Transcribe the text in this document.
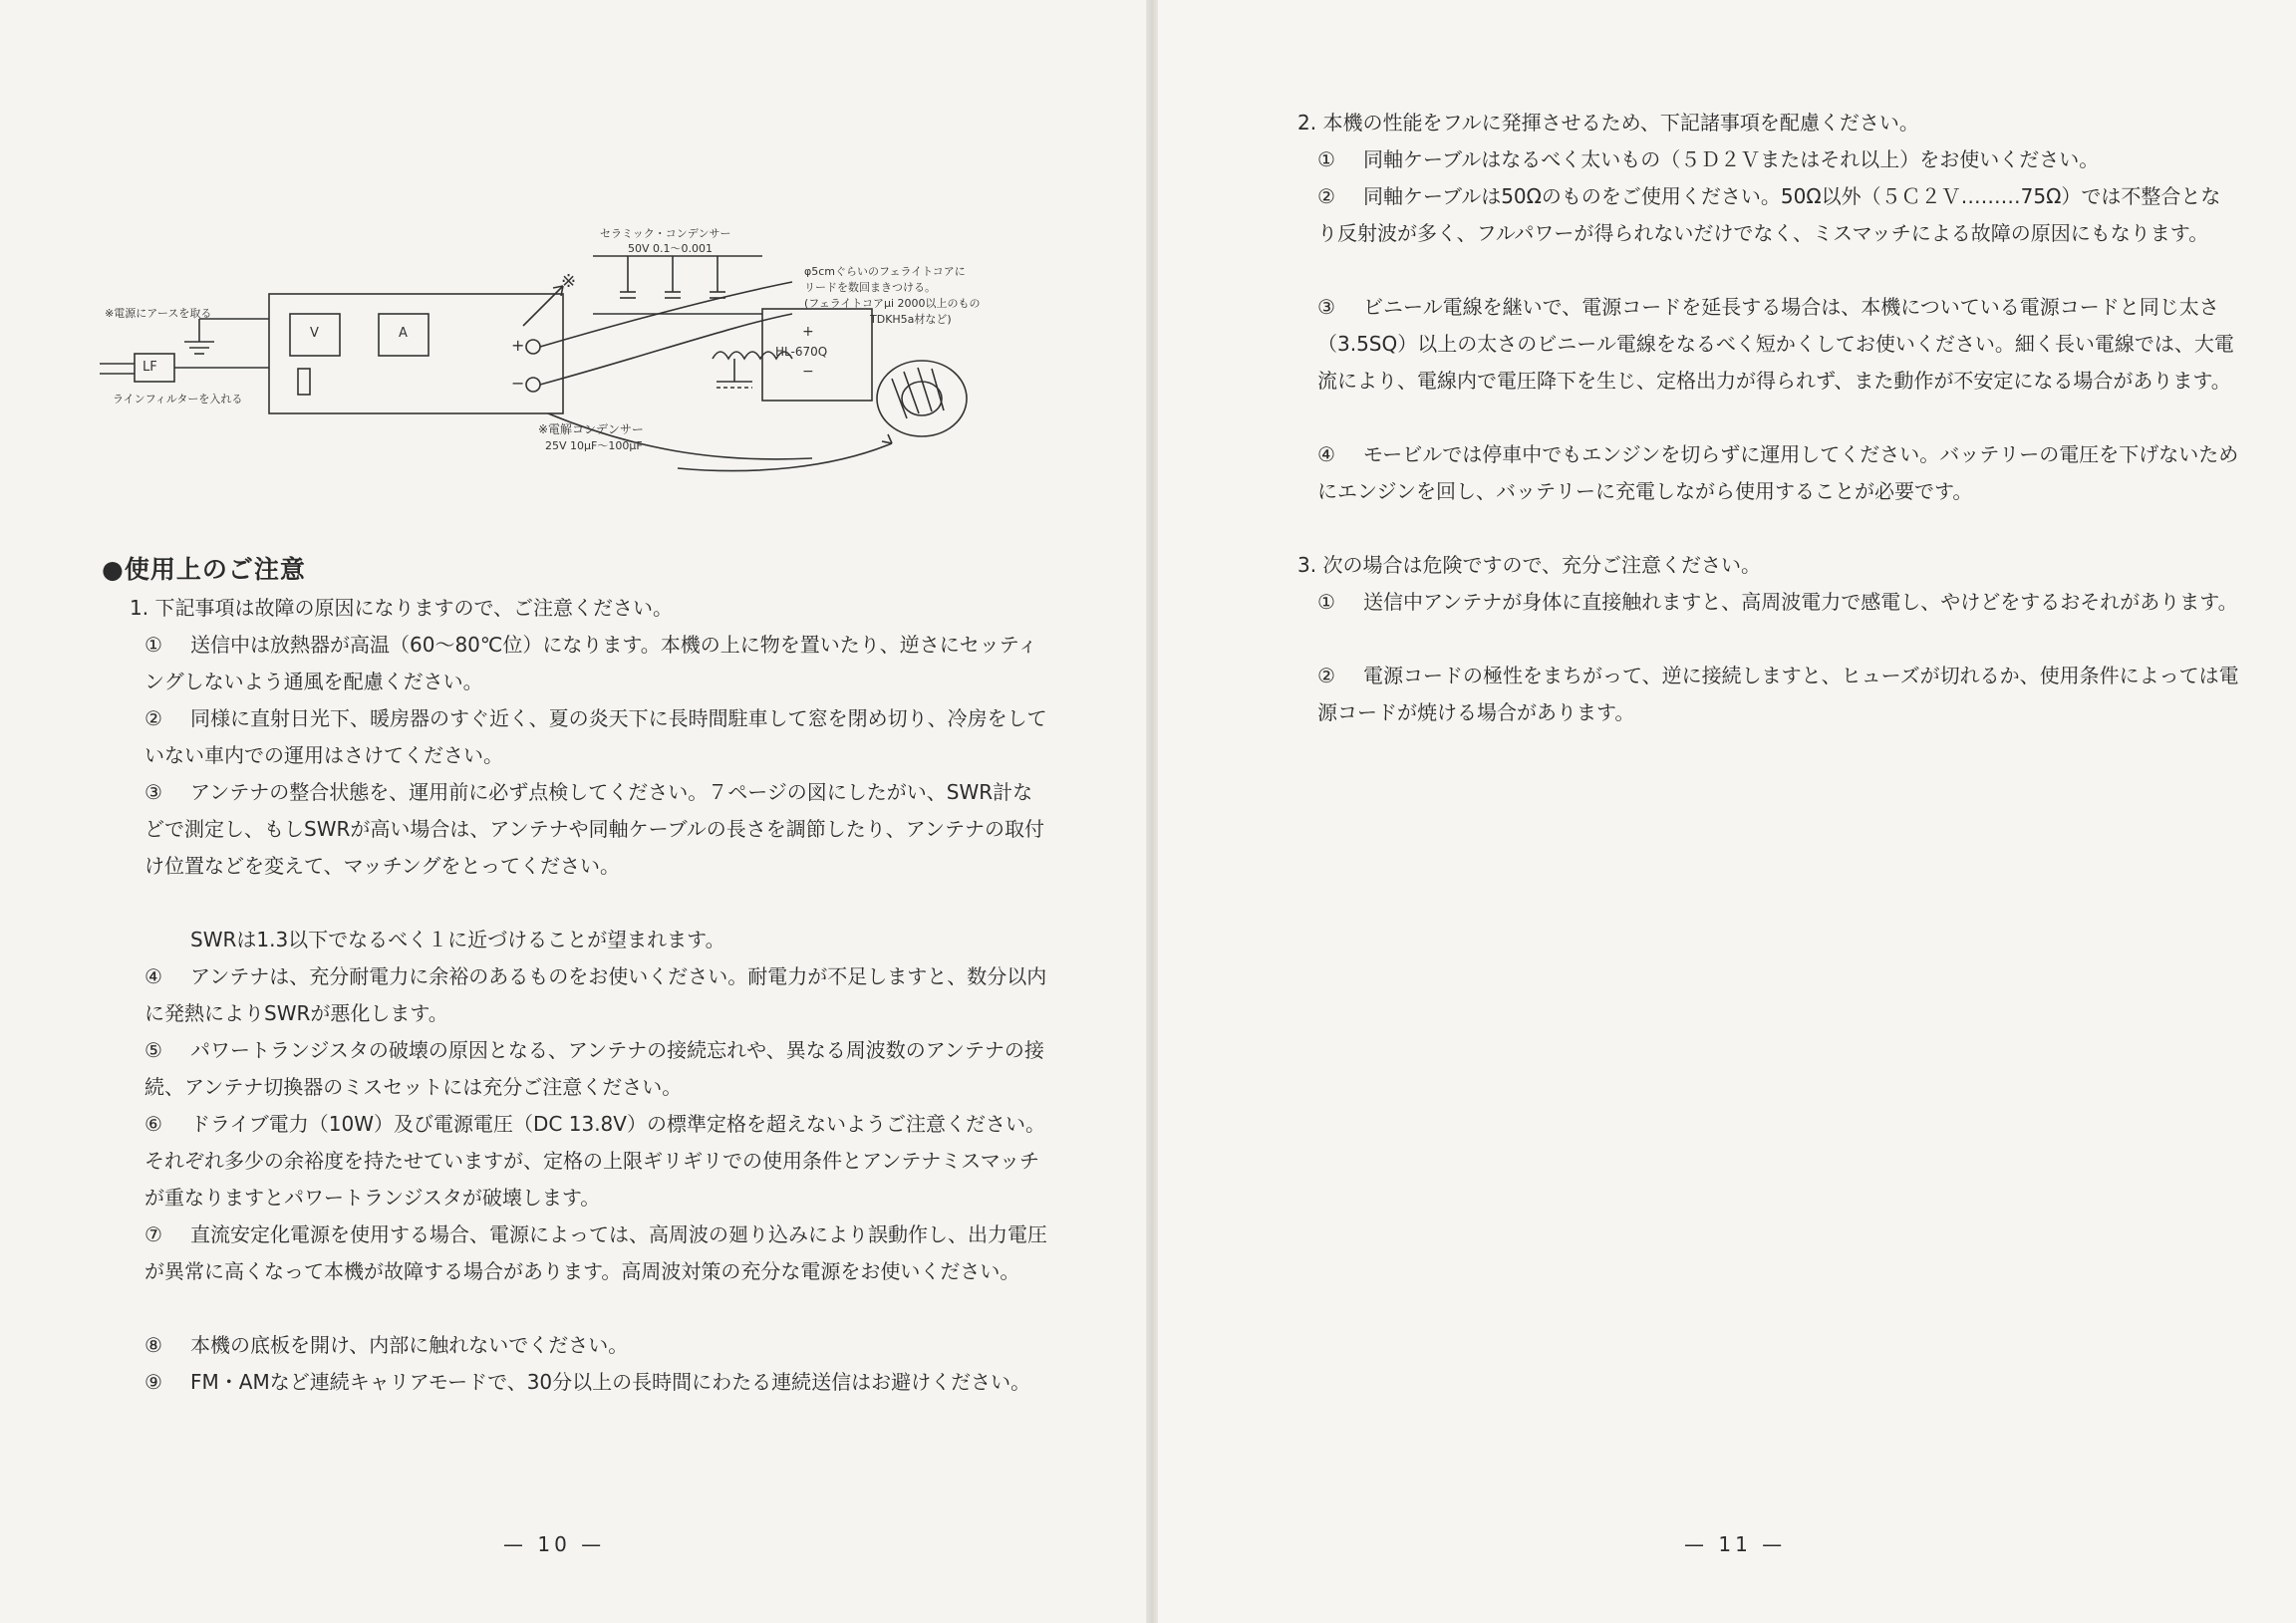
※電源にアースを取る
LF
ラインフィルターを入れる
V	A
+
−
+
−
※
セラミック・コンデンサー
50V 0.1〜0.001
φ5cmぐらいのフェライトコアに
リードを数回まきつける。
(フェライトコアμi 2000以上のもの
TDKH5a材など)
HL-670Q
※電解コンデンサー
25V 10μF〜100μF
●使用上のご注意
1. 下記事項は故障の原因になりますので、ご注意ください。
① 送信中は放熱器が高温（60〜80℃位）になります。本機の上に物を置いたり、逆さにセッティングしないよう通風を配慮ください。
② 同様に直射日光下、暖房器のすぐ近く、夏の炎天下に長時間駐車して窓を閉め切り、冷房をしていない車内での運用はさけてください。
③ アンテナの整合状態を、運用前に必ず点検してください。７ページの図にしたがい、SWR計などで測定し、もしSWRが高い場合は、アンテナや同軸ケーブルの長さを調節したり、アンテナの取付け位置などを変えて、マッチングをとってください。
SWRは1.3以下でなるべく１に近づけることが望まれます。
④ アンテナは、充分耐電力に余裕のあるものをお使いください。耐電力が不足しますと、数分以内に発熱によりSWRが悪化します。
⑤ パワートランジスタの破壊の原因となる、アンテナの接続忘れや、異なる周波数のアンテナの接続、アンテナ切換器のミスセットには充分ご注意ください。
⑥ ドライブ電力（10W）及び電源電圧（DC 13.8V）の標準定格を超えないようご注意ください。それぞれ多少の余裕度を持たせていますが、定格の上限ギリギリでの使用条件とアンテナミスマッチが重なりますとパワートランジスタが破壊します。
⑦ 直流安定化電源を使用する場合、電源によっては、高周波の廻り込みにより誤動作し、出力電圧が異常に高くなって本機が故障する場合があります。高周波対策の充分な電源をお使いください。
⑧ 本機の底板を開け、内部に触れないでください。
⑨ FM・AMなど連続キャリアモードで、30分以上の長時間にわたる連続送信はお避けください。
— 10 —
2. 本機の性能をフルに発揮させるため、下記諸事項を配慮ください。
① 同軸ケーブルはなるべく太いもの（５Ｄ２Ｖまたはそれ以上）をお使いください。
② 同軸ケーブルは50Ωのものをご使用ください。50Ω以外（５Ｃ２Ｖ………75Ω）では不整合となり反射波が多く、フルパワーが得られないだけでなく、ミスマッチによる故障の原因にもなります。
③ ビニール電線を継いで、電源コードを延長する場合は、本機についている電源コードと同じ太さ（3.5SQ）以上の太さのビニール電線をなるべく短かくしてお使いください。細く長い電線では、大電流により、電線内で電圧降下を生じ、定格出力が得られず、また動作が不安定になる場合があります。
④ モービルでは停車中でもエンジンを切らずに運用してください。バッテリーの電圧を下げないためにエンジンを回し、バッテリーに充電しながら使用することが必要です。
3. 次の場合は危険ですので、充分ご注意ください。
① 送信中アンテナが身体に直接触れますと、高周波電力で感電し、やけどをするおそれがあります。
② 電源コードの極性をまちがって、逆に接続しますと、ヒューズが切れるか、使用条件によっては電源コードが焼ける場合があります。
— 11 —
